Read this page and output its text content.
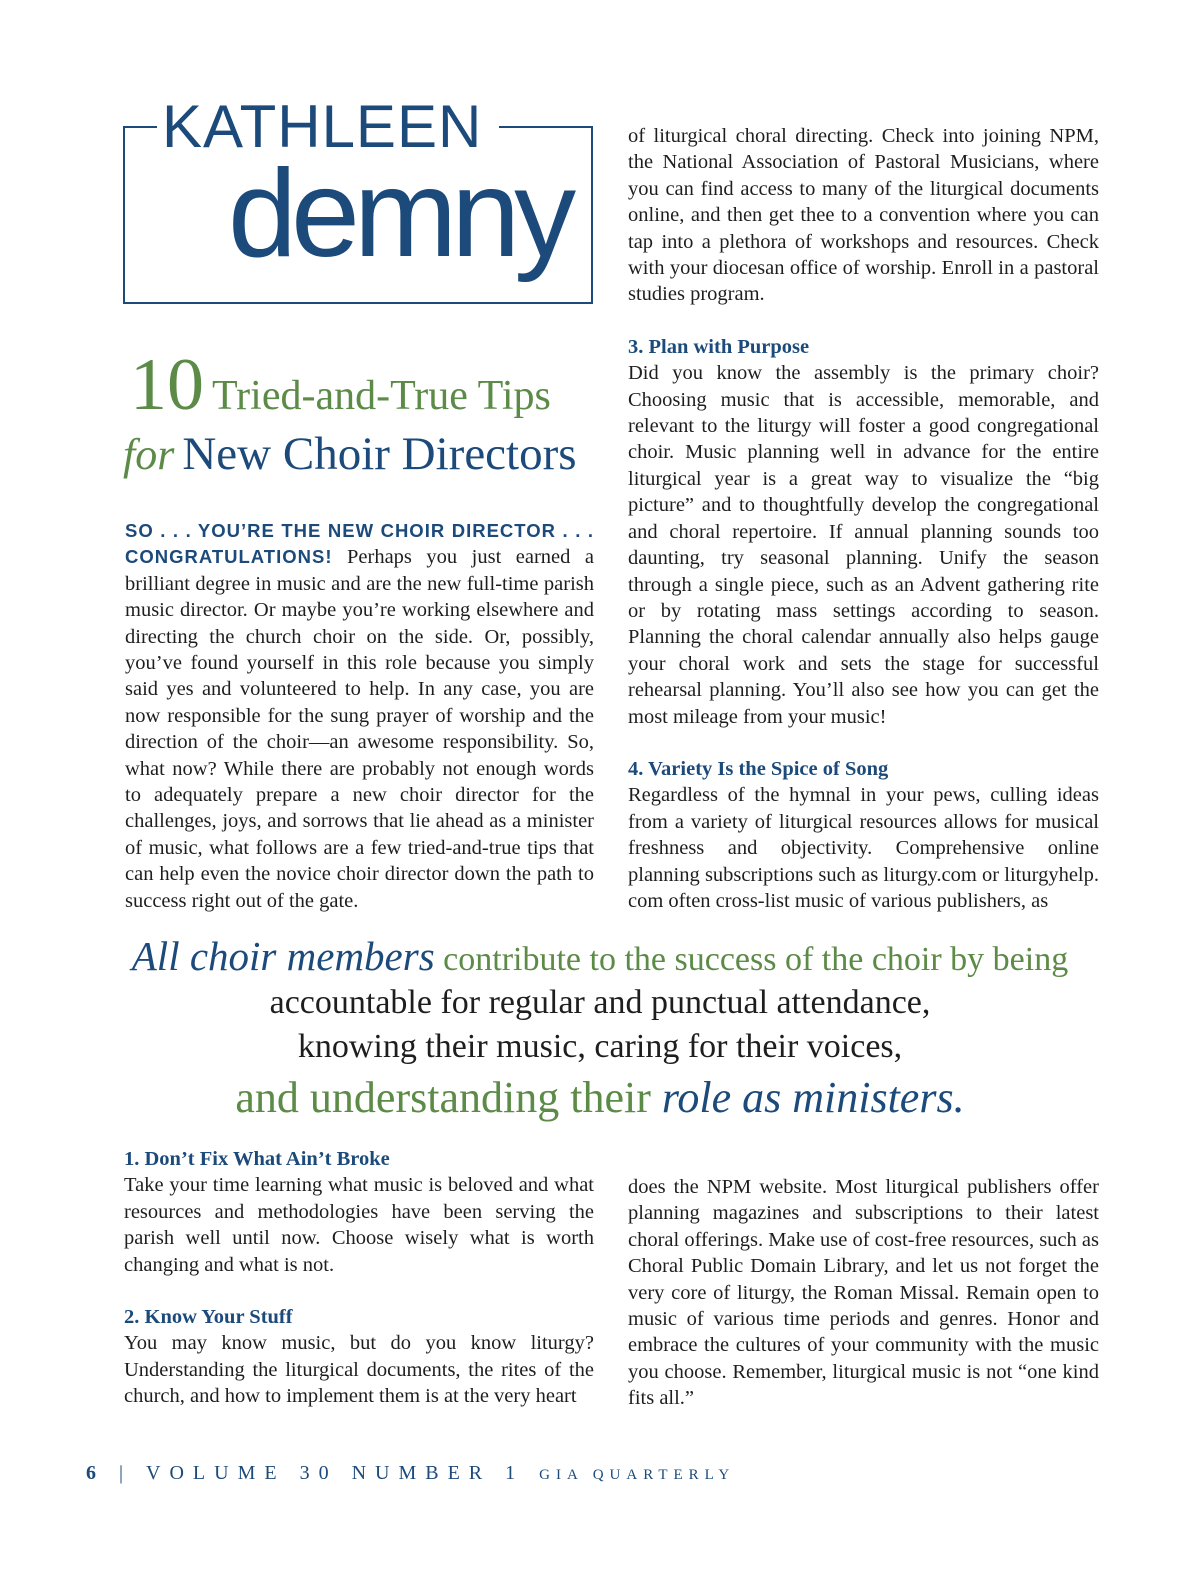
KATHLEEN
demny
10 Tried-and-True Tips
for New Choir Directors

SO . . . YOU’RE THE NEW CHOIR DIRECTOR . . . CONGRATULATIONS! Perhaps you just earned a brilliant degree in music and are the new full-time parish music director. Or maybe you’re working elsewhere and directing the church choir on the side. Or, possibly, you’ve found yourself in this role because you simply said yes and volunteered to help. In any case, you are now responsible for the sung prayer of worship and the direction of the choir—an awesome responsibility. So, what now? While there are probably not enough words to adequately prepare a new choir director for the challenges, joys, and sorrows that lie ahead as a minister of music, what follows are a few tried-and-true tips that can help even the novice choir director down the path to success right out of the gate.

of liturgical choral directing. Check into joining NPM, the National Association of Pastoral Musicians, where you can find access to many of the liturgical documents online, and then get thee to a convention where you can tap into a plethora of workshops and resources. Check with your diocesan office of worship. Enroll in a pastoral studies program.

3. Plan with Purpose

Did you know the assembly is the primary choir? Choosing music that is accessible, memorable, and relevant to the liturgy will foster a good congregational choir. Music planning well in advance for the entire liturgical year is a great way to visualize the “big picture” and to thoughtfully develop the congregational and choral repertoire. If annual planning sounds too daunting, try seasonal planning. Unify the season through a single piece, such as an Advent gathering rite or by rotating mass settings according to season. Planning the choral calendar annually also helps gauge your choral work and sets the stage for successful rehearsal planning. You’ll also see how you can get the most mileage from your music!

4. Variety Is the Spice of Song

Regardless of the hymnal in your pews, culling ideas from a variety of liturgical resources allows for musical freshness and objectivity. Comprehensive online planning subscriptions such as liturgy.com or liturgyhelp. com often cross-list music of various publishers, as

All choir members contribute to the success of the choir by being

accountable for regular and punctual attendance,

knowing their music, caring for their voices,

and understanding their role as ministers.

1. Don’t Fix What Ain’t Broke

Take your time learning what music is beloved and what resources and methodologies have been serving the parish well until now. Choose wisely what is worth changing and what is not.

2. Know Your Stuff

You may know music, but do you know liturgy? Understanding the liturgical documents, the rites of the church, and how to implement them is at the very heart

does the NPM website. Most liturgical publishers offer planning magazines and subscriptions to their latest choral offerings. Make use of cost-free resources, such as Choral Public Domain Library, and let us not forget the very core of liturgy, the Roman Missal. Remain open to music of various time periods and genres. Honor and embrace the cultures of your community with the music you choose. Remember, liturgical music is not “one kind fits all.”

6 | VOLUME 30 NUMBER 1 GIA QUARTERLY
